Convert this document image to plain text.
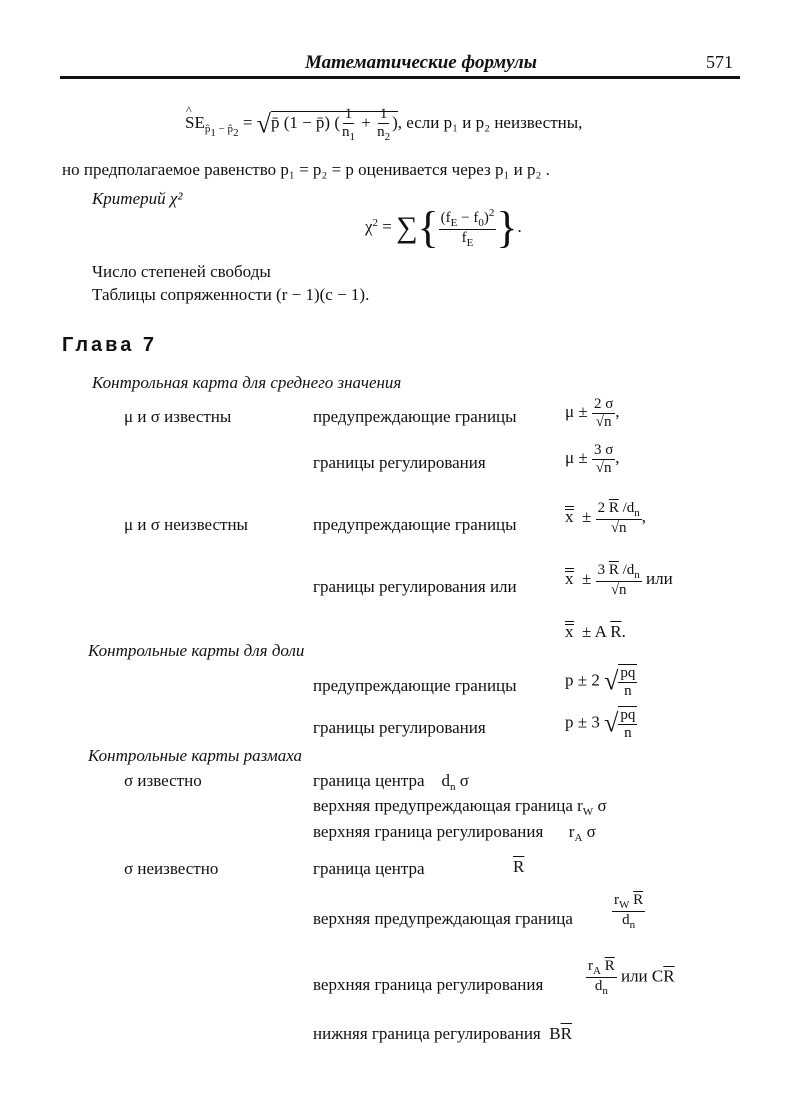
Математические формулы	571
^ $SE_{p̂_1 - p̂_2}$ = √p̄ (1 − p̄) ( $\frac{1}{n_1} + \frac{1}{n_2}$ ), если p₁ и p₂ неизвестны,
но предполагаемое равенство p₁ = p₂ = p оценивается через p₁ и p₂ .
Критерий χ²
$\chi^2$ = ∑{ $\frac{(f_E - f_0)^2}{f_E}$ }.
Число степеней свободы
Таблицы сопряженности (r − 1)(c − 1).
Глава 7
Контрольная карта для среднего значения
μ и σ известны	предупреждающие границы	$\mu \pm \frac{2 \sigma}{√n}$ ,
границы регулирования	$\mu \pm \frac{3 \sigma}{√n}$ ,
μ и σ неизвестны	предупреждающие границы	$x \pm \frac{2 \overline{R} /d_n}{√n}$ ,
границы регулирования или	$x \pm \frac{3 \overline{R} /d_n}{√n}$ или
x  ± A $\overline{R}$.
Контрольные карты для доли
предупреждающие границы	p ± 2 √ $\frac{pq}{n}$
границы регулирования	p ± 3 √ $\frac{pq}{n}$
Контрольные карты размаха
σ известно	граница центра    $d_n$ σ
верхняя предупреждающая граница $r_W$ σ
верхняя граница регулирования      $r_A$ σ
σ неизвестно	граница центра	$\overline{R}$
верхняя предупреждающая граница	$\frac{r_W \overline{R}}{d_n}$
верхняя граница регулирования	$\frac{r_A \overline{R}}{d_n}$ или $C\overline{R}$
нижняя граница регулирования  $B\overline{R}$
